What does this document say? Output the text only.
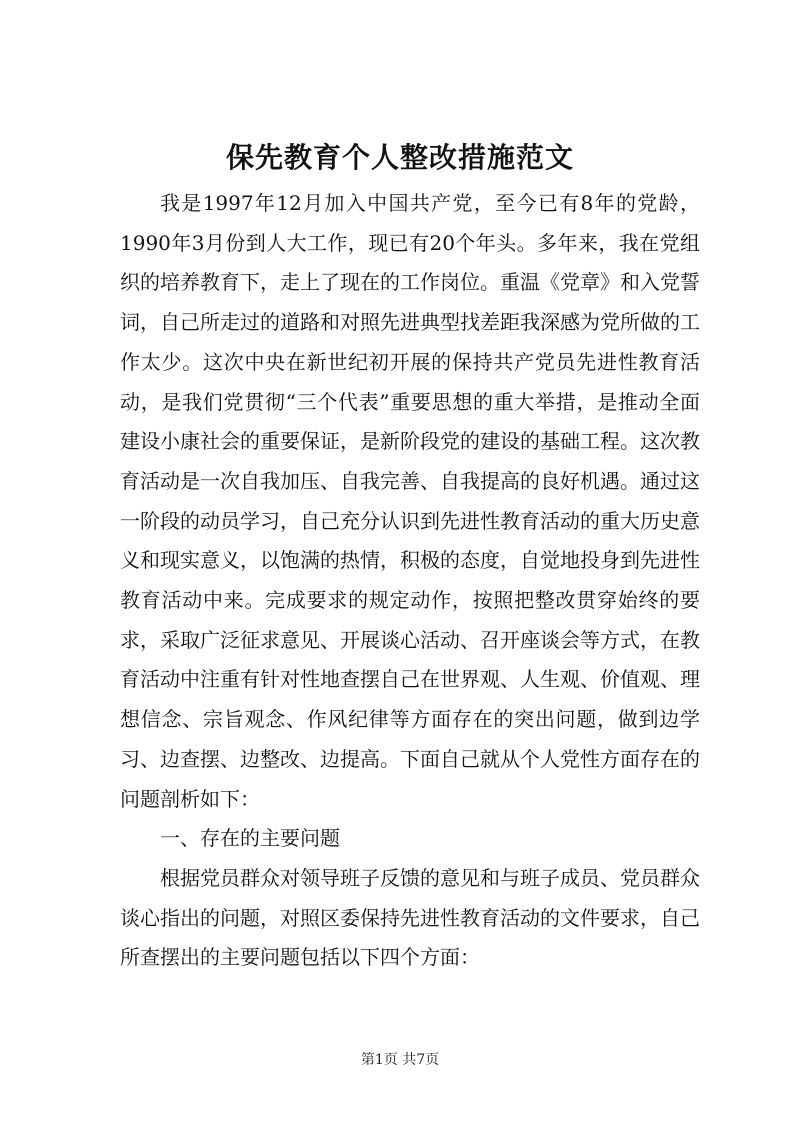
保先教育个人整改措施范文

我是1997年12月加入中国共产党，至今已有8年的党龄，1990年3月份到人大工作，现已有20个年头。多年来，我在党组织的培养教育下，走上了现在的工作岗位。重温《党章》和入党誓词，自己所走过的道路和对照先进典型找差距我深感为党所做的工作太少。这次中央在新世纪初开展的保持共产党员先进性教育活动，是我们党贯彻“三个代表”重要思想的重大举措，是推动全面建设小康社会的重要保证，是新阶段党的建设的基础工程。这次教育活动是一次自我加压、自我完善、自我提高的良好机遇。通过这一阶段的动员学习，自己充分认识到先进性教育活动的重大历史意义和现实意义，以饱满的热情，积极的态度，自觉地投身到先进性教育活动中来。完成要求的规定动作，按照把整改贯穿始终的要求，采取广泛征求意见、开展谈心活动、召开座谈会等方式，在教育活动中注重有针对性地查摆自己在世界观、人生观、价值观、理想信念、宗旨观念、作风纪律等方面存在的突出问题，做到边学习、边查摆、边整改、边提高。下面自己就从个人党性方面存在的问题剖析如下：

一、存在的主要问题

根据党员群众对领导班子反馈的意见和与班子成员、党员群众谈心指出的问题，对照区委保持先进性教育活动的文件要求，自己所查摆出的主要问题包括以下四个方面：

第1页 共7页
